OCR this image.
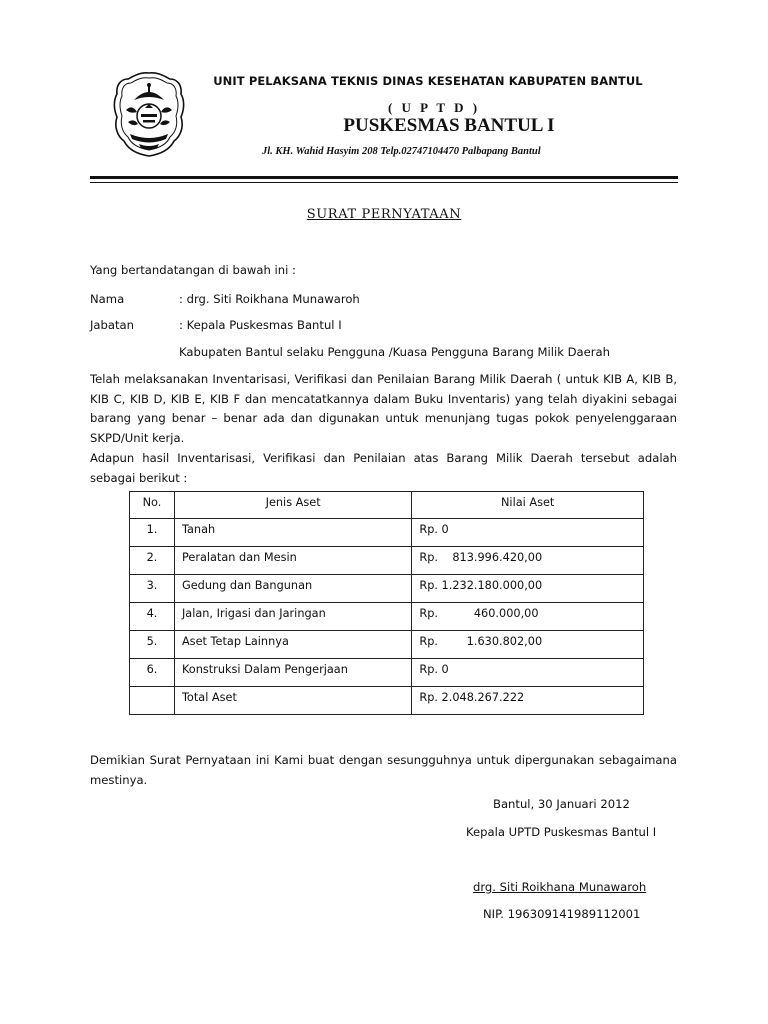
UNIT PELAKSANA TEKNIS DINAS KESEHATAN KABUPATEN BANTUL
( U P T D )
PUSKESMAS BANTUL I
Jl. KH. Wahid Hasyim 208 Telp.02747104470 Palbapang Bantul
SURAT PERNYATAAN
Yang bertandatangan di bawah ini :
Nama	: drg. Siti Roikhana Munawaroh
Jabatan	: Kepala Puskesmas Bantul I
Kabupaten Bantul selaku Pengguna /Kuasa Pengguna Barang Milik Daerah
Telah melaksanakan Inventarisasi, Verifikasi dan Penilaian Barang Milik Daerah ( untuk KIB A, KIB B, KIB C, KIB D, KIB E, KIB F dan mencatatkannya dalam Buku Inventaris) yang telah diyakini sebagai barang yang benar – benar ada dan digunakan untuk menunjang tugas pokok penyelenggaraan SKPD/Unit kerja.
Adapun hasil Inventarisasi, Verifikasi dan Penilaian atas Barang Milik Daerah tersebut adalah sebagai berikut :
No.	Jenis Aset	Nilai Aset
1.	Tanah	Rp. 0
2.	Peralatan dan Mesin	Rp.    813.996.420,00
3.	Gedung dan Bangunan	Rp. 1.232.180.000,00
4.	Jalan, Irigasi dan Jaringan	Rp.          460.000,00
5.	Aset Tetap Lainnya	Rp.        1.630.802,00
6.	Konstruksi Dalam Pengerjaan	Rp. 0
	Total Aset	Rp. 2.048.267.222
Demikian Surat Pernyataan ini Kami buat dengan sesungguhnya untuk dipergunakan sebagaimana mestinya.
Bantul, 30 Januari 2012
Kepala UPTD Puskesmas Bantul I
drg. Siti Roikhana Munawaroh
NIP. 196309141989112001
